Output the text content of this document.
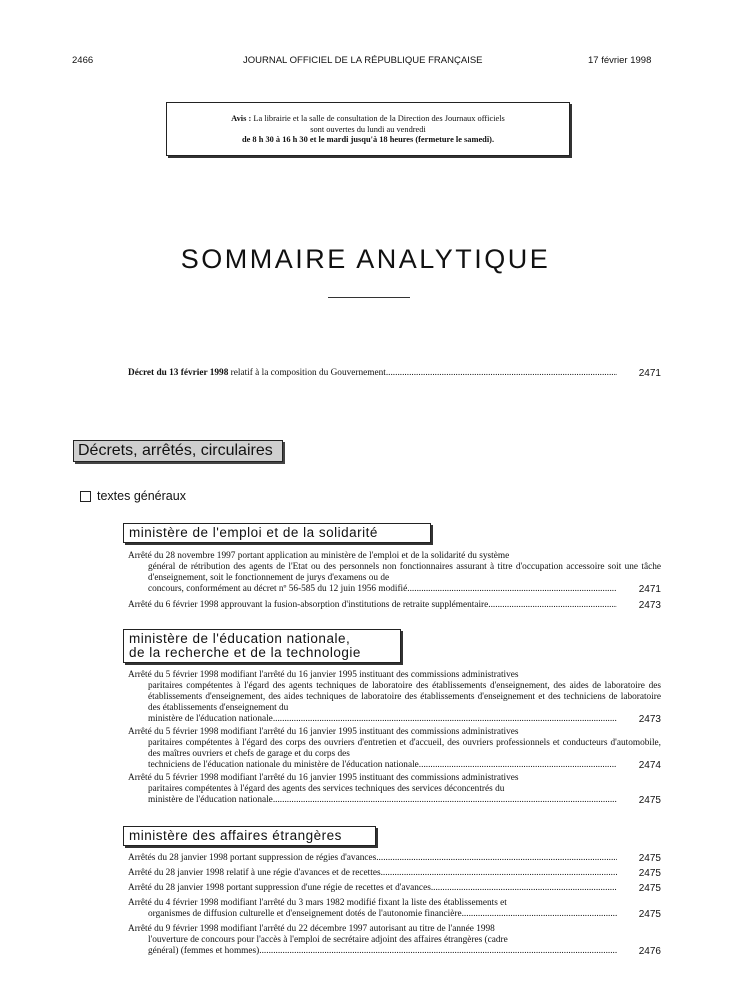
2466	JOURNAL OFFICIEL DE LA RÉPUBLIQUE FRANÇAISE	17 février 1998
Avis : La librairie et la salle de consultation de la Direction des Journaux officiels
sont ouvertes du lundi au vendredi
de 8 h 30 à 16 h 30 et le mardi jusqu'à 18 heures (fermeture le samedi).
SOMMAIRE ANALYTIQUE
Décret du 13 février 1998 relatif à la composition du Gouvernement .....	2471
Décrets, arrêtés, circulaires
textes généraux
ministère de l'emploi et de la solidarité
Arrêté du 28 novembre 1997 portant application au ministère de l'emploi et de la solidarité du système
général de rétribution des agents de l'Etat ou des personnels non fonctionnaires assurant à titre d'occupation accessoire soit une tâche d'enseignement, soit le fonctionnement de jurys d'examens ou de
concours, conformément au décret nº 56-585 du 12 juin 1956 modifié .....	2471
Arrêté du 6 février 1998 approuvant la fusion-absorption d'institutions de retraite supplémentaire .....	2473
ministère de l'éducation nationale,
de la recherche et de la technologie
Arrêté du 5 février 1998 modifiant l'arrêté du 16 janvier 1995 instituant des commissions administratives
paritaires compétentes à l'égard des agents techniques de laboratoire des établissements d'enseignement, des aides de laboratoire des établissements d'enseignement, des aides techniques de laboratoire des établissements d'enseignement et des techniciens de laboratoire des établissements d'enseignement du
ministère de l'éducation nationale .....	2473
Arrêté du 5 février 1998 modifiant l'arrêté du 16 janvier 1995 instituant des commissions administratives
paritaires compétentes à l'égard des corps des ouvriers d'entretien et d'accueil, des ouvriers professionnels et conducteurs d'automobile, des maîtres ouvriers et chefs de garage et du corps des
techniciens de l'éducation nationale du ministère de l'éducation nationale .....	2474
Arrêté du 5 février 1998 modifiant l'arrêté du 16 janvier 1995 instituant des commissions administratives
paritaires compétentes à l'égard des agents des services techniques des services déconcentrés du
ministère de l'éducation nationale .....	2475
ministère des affaires étrangères
Arrêtés du 28 janvier 1998 portant suppression de régies d'avances .....	2475
Arrêté du 28 janvier 1998 relatif à une régie d'avances et de recettes .....	2475
Arrêté du 28 janvier 1998 portant suppression d'une régie de recettes et d'avances .....	2475
Arrêté du 4 février 1998 modifiant l'arrêté du 3 mars 1982 modifié fixant la liste des établissements et
organismes de diffusion culturelle et d'enseignement dotés de l'autonomie financière .....	2475
Arrêté du 9 février 1998 modifiant l'arrêté du 22 décembre 1997 autorisant au titre de l'année 1998
l'ouverture de concours pour l'accès à l'emploi de secrétaire adjoint des affaires étrangères (cadre
général) (femmes et hommes) .....	2476
